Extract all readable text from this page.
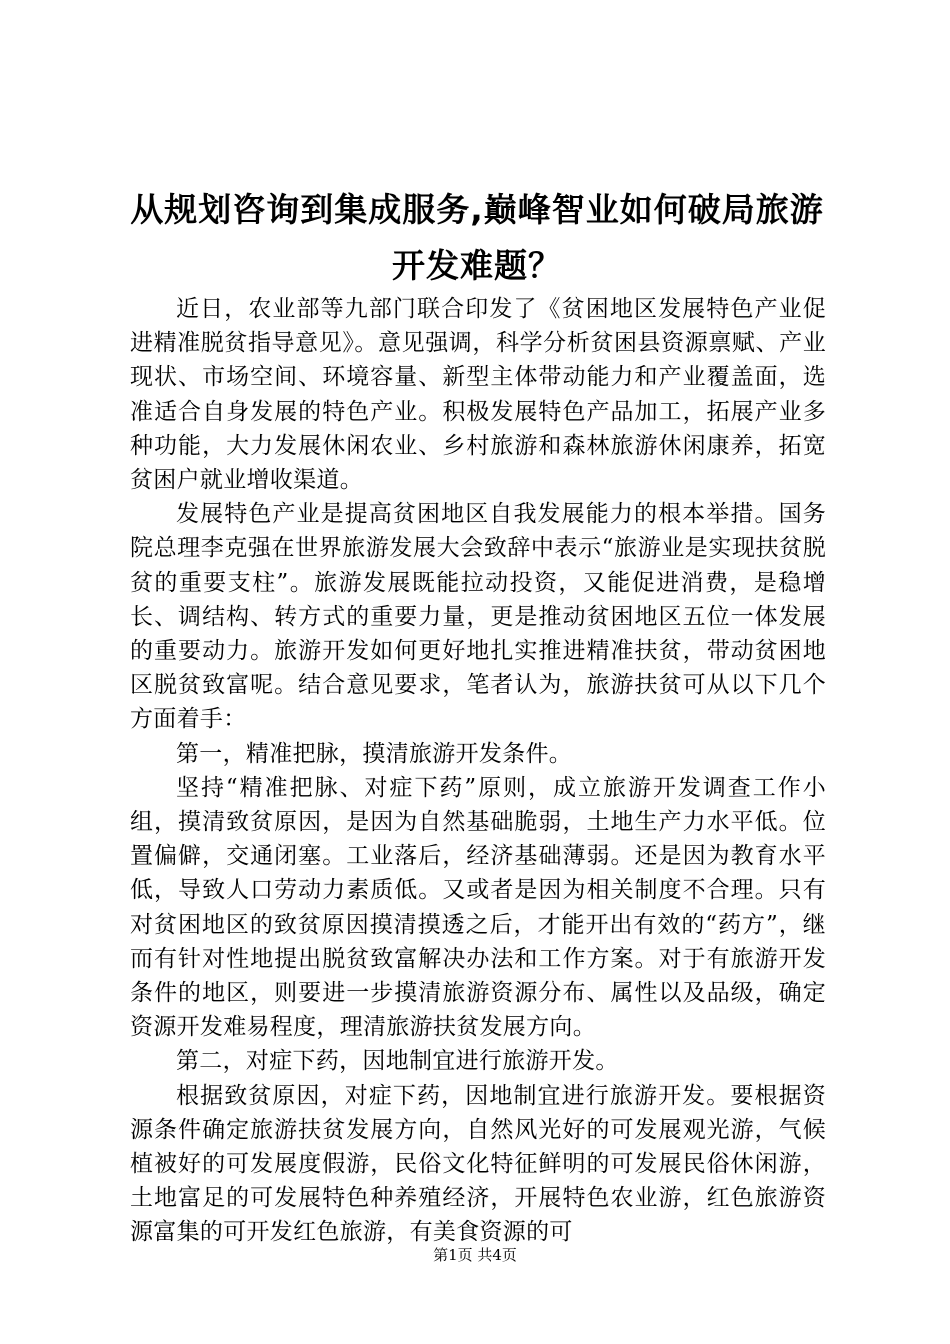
从规划咨询到集成服务,巅峰智业如何破局旅游开发难题？

近日，农业部等九部门联合印发了《贫困地区发展特色产业促进精准脱贫指导意见》。意见强调，科学分析贫困县资源禀赋、产业现状、市场空间、环境容量、新型主体带动能力和产业覆盖面，选准适合自身发展的特色产业。积极发展特色产品加工，拓展产业多种功能，大力发展休闲农业、乡村旅游和森林旅游休闲康养，拓宽贫困户就业增收渠道。

发展特色产业是提高贫困地区自我发展能力的根本举措。国务院总理李克强在世界旅游发展大会致辞中表示“旅游业是实现扶贫脱贫的重要支柱”。旅游发展既能拉动投资，又能促进消费，是稳增长、调结构、转方式的重要力量，更是推动贫困地区五位一体发展的重要动力。旅游开发如何更好地扎实推进精准扶贫，带动贫困地区脱贫致富呢。结合意见要求，笔者认为，旅游扶贫可从以下几个方面着手：

第一，精准把脉，摸清旅游开发条件。

坚持“精准把脉、对症下药”原则，成立旅游开发调查工作小组，摸清致贫原因，是因为自然基础脆弱，土地生产力水平低。位置偏僻，交通闭塞。工业落后，经济基础薄弱。还是因为教育水平低，导致人口劳动力素质低。又或者是因为相关制度不合理。只有对贫困地区的致贫原因摸清摸透之后，才能开出有效的“药方”，继而有针对性地提出脱贫致富解决办法和工作方案。对于有旅游开发条件的地区，则要进一步摸清旅游资源分布、属性以及品级，确定资源开发难易程度，理清旅游扶贫发展方向。

第二，对症下药，因地制宜进行旅游开发。

根据致贫原因，对症下药，因地制宜进行旅游开发。要根据资源条件确定旅游扶贫发展方向，自然风光好的可发展观光游，气候植被好的可发展度假游，民俗文化特征鲜明的可发展民俗休闲游，土地富足的可发展特色种养殖经济，开展特色农业游，红色旅游资源富集的可开发红色旅游，有美食资源的可

第1页 共4页
